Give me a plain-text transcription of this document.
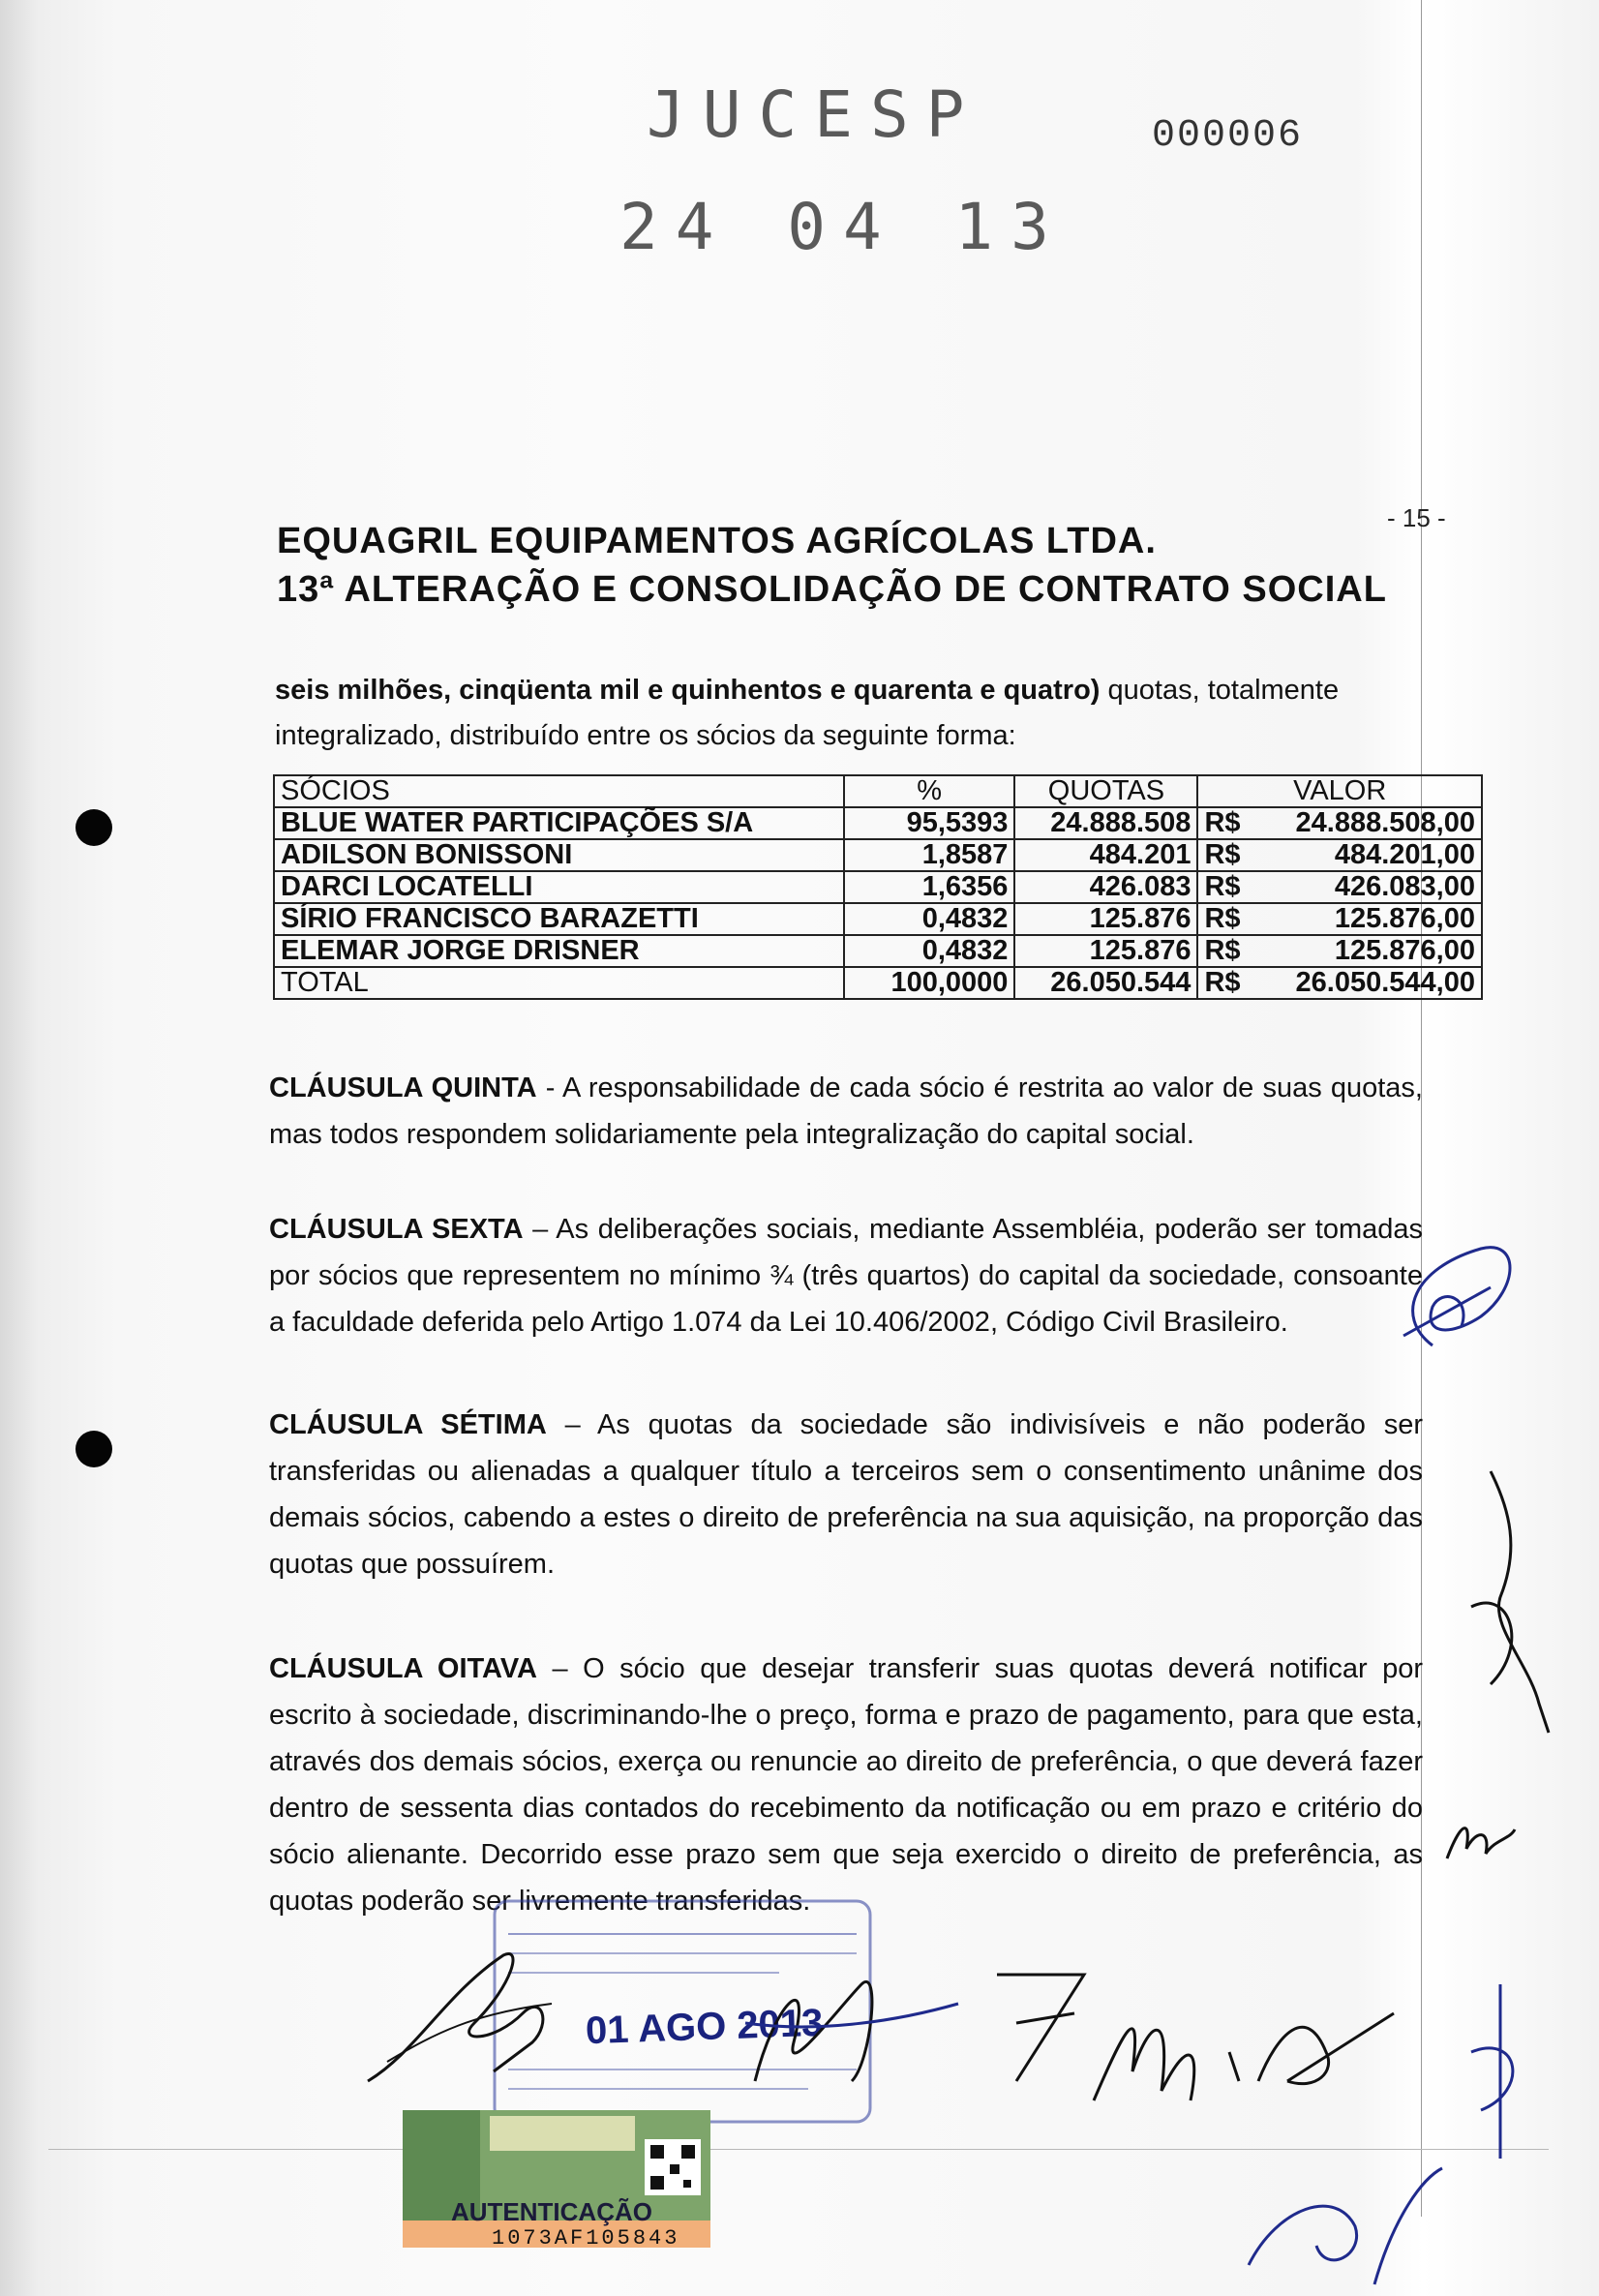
JUCESP
24 04 13
000006
- 15 -
EQUAGRIL EQUIPAMENTOS AGRÍCOLAS LTDA.
13ª ALTERAÇÃO E CONSOLIDAÇÃO DE CONTRATO SOCIAL
seis milhões, cinqüenta mil e quinhentos e quarenta e quatro) quotas, totalmente integralizado, distribuído entre os sócios da seguinte forma:
SÓCIOS	%	QUOTAS	VALOR	
BLUE WATER PARTICIPAÇÕES S/A	95,5393	24.888.508	R$	24.888.508,00
ADILSON BONISSONI	1,8587	484.201	R$	484.201,00
DARCI LOCATELLI	1,6356	426.083	R$	426.083,00
SÍRIO FRANCISCO BARAZETTI	0,4832	125.876	R$	125.876,00
ELEMAR JORGE DRISNER	0,4832	125.876	R$	125.876,00
TOTAL	100,0000	26.050.544	R$	26.050.544,00
CLÁUSULA QUINTA - A responsabilidade de cada sócio é restrita ao valor de suas quotas, mas todos respondem solidariamente pela integralização do capital social.
CLÁUSULA SEXTA – As deliberações sociais, mediante Assembléia, poderão ser tomadas por sócios que representem no mínimo ¾ (três quartos) do capital da sociedade, consoante a faculdade deferida pelo Artigo 1.074 da Lei 10.406/2002, Código Civil Brasileiro.
CLÁUSULA SÉTIMA – As quotas da sociedade são indivisíveis e não poderão ser transferidas ou alienadas a qualquer título a terceiros sem o consentimento unânime dos demais sócios, cabendo a estes o direito de preferência na sua aquisição, na proporção das quotas que possuírem.
CLÁUSULA OITAVA – O sócio que desejar transferir suas quotas deverá notificar por escrito à sociedade, discriminando-lhe o preço, forma e prazo de pagamento, para que esta, através dos demais sócios, exerça ou renuncie ao direito de preferência, o que deverá fazer dentro de sessenta dias contados do recebimento da notificação ou em prazo e critério do sócio alienante. Decorrido esse prazo sem que seja exercido o direito de preferência, as quotas poderão ser livremente transferidas.
01 AGO 2013
AUTENTICAÇÃO
1073AF105843
